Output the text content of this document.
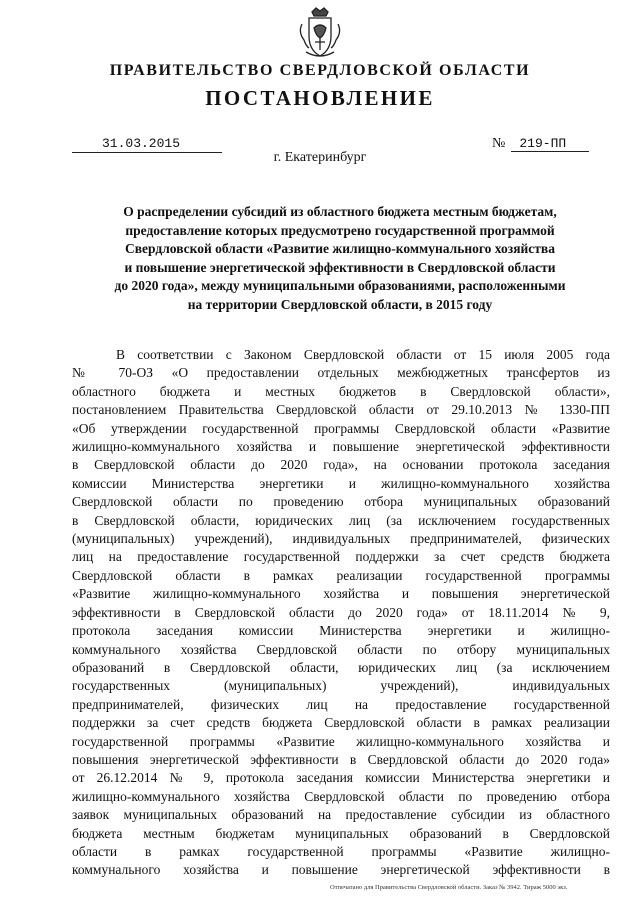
ПРАВИТЕЛЬСТВО СВЕРДЛОВСКОЙ ОБЛАСТИ
ПОСТАНОВЛЕНИЕ
31.03.2015	№ 219-ПП
г. Екатеринбург
О распределении субсидий из областного бюджета местным бюджетам,
предоставление которых предусмотрено государственной программой
Свердловской области «Развитие жилищно-коммунального хозяйства
и повышение энергетической эффективности в Свердловской области
до 2020 года», между муниципальными образованиями, расположенными
на территории Свердловской области, в 2015 году
В соответствии с Законом Свердловской области от 15 июля 2005 года
№ 70-ОЗ «О предоставлении отдельных межбюджетных трансфертов из
областного бюджета и местных бюджетов в Свердловской области»,
постановлением Правительства Свердловской области от 29.10.2013 № 1330-ПП
«Об утверждении государственной программы Свердловской области «Развитие
жилищно-коммунального хозяйства и повышение энергетической эффективности
в Свердловской области до 2020 года», на основании протокола заседания
комиссии Министерства энергетики и жилищно-коммунального хозяйства
Свердловской области по проведению отбора муниципальных образований
в Свердловской области, юридических лиц (за исключением государственных
(муниципальных) учреждений), индивидуальных предпринимателей, физических
лиц на предоставление государственной поддержки за счет средств бюджета
Свердловской области в рамках реализации государственной программы
«Развитие жилищно-коммунального хозяйства и повышения энергетической
эффективности в Свердловской области до 2020 года» от 18.11.2014 № 9,
протокола заседания комиссии Министерства энергетики и жилищно-
коммунального хозяйства Свердловской области по отбору муниципальных
образований в Свердловской области, юридических лиц (за исключением
государственных (муниципальных) учреждений), индивидуальных
предпринимателей, физических лиц на предоставление государственной
поддержки за счет средств бюджета Свердловской области в рамках реализации
государственной программы «Развитие жилищно-коммунального хозяйства и
повышения энергетической эффективности в Свердловской области до 2020 года»
от 26.12.2014 № 9, протокола заседания комиссии Министерства энергетики и
жилищно-коммунального хозяйства Свердловской области по проведению отбора
заявок муниципальных образований на предоставление субсидии из областного
бюджета местным бюджетам муниципальных образований в Свердловской
области в рамках государственной программы «Развитие жилищно-
коммунального хозяйства и повышение энергетической эффективности в
Отпечатано для Правительства Свердловской области. Заказ № 3942. Тираж 5000 экз.
